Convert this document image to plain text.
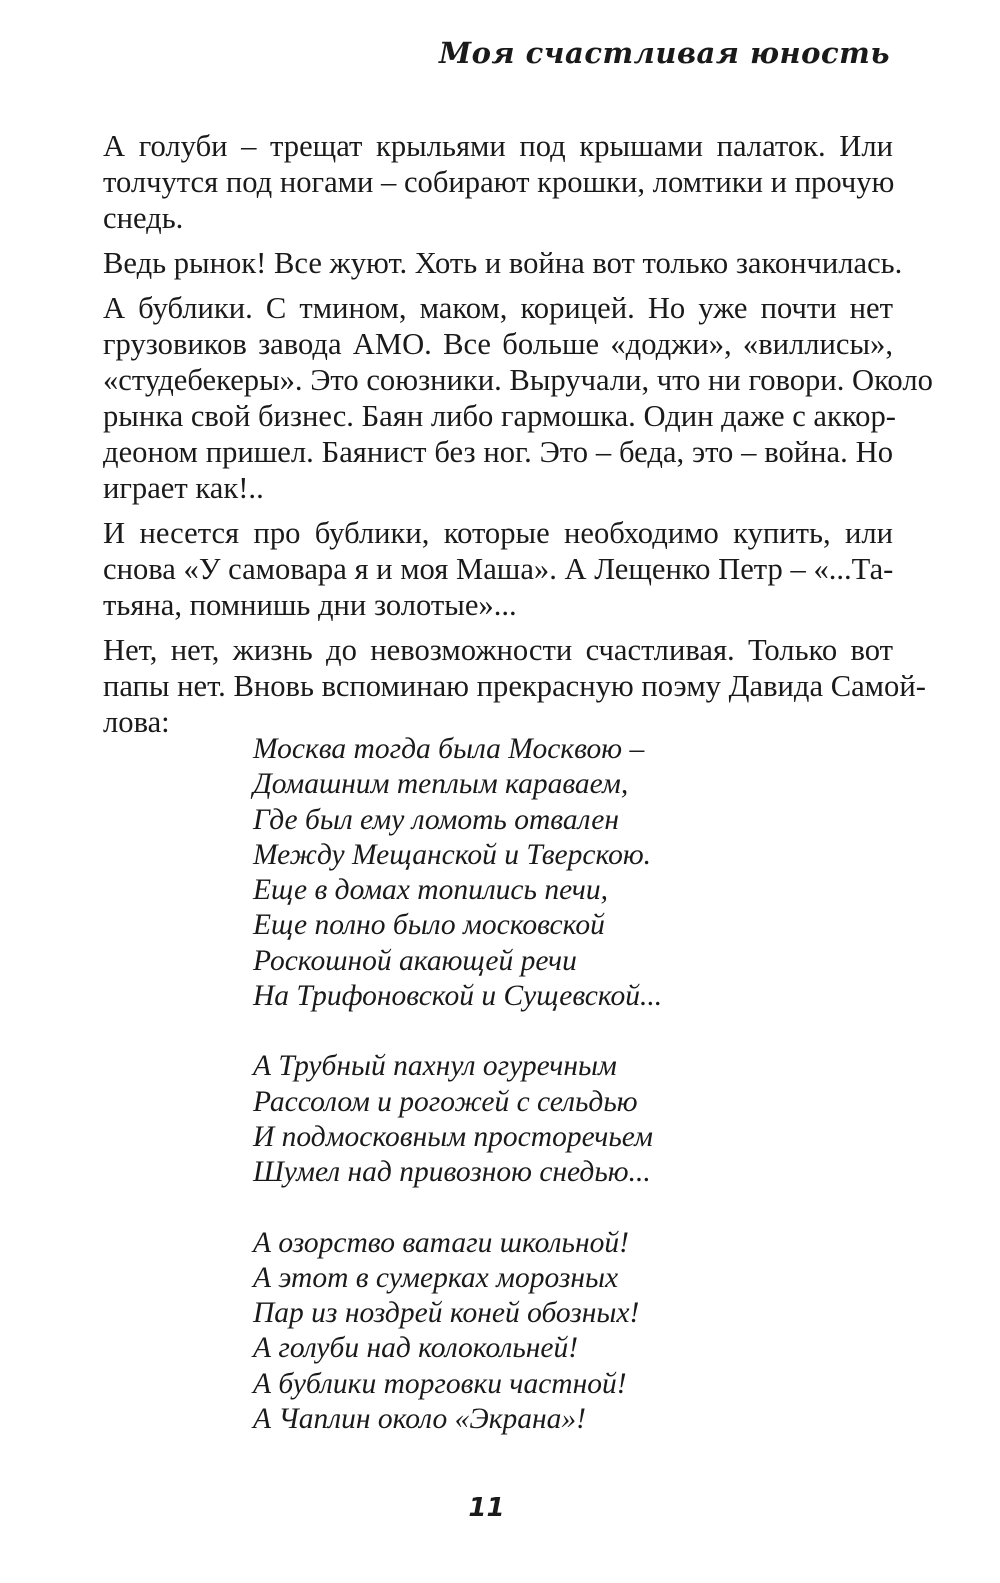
Моя счастливая юность

А голуби – трещат крыльями под крышами палаток. Или
толчутся под ногами – собирают крошки, ломтики и прочую
снедь.

Ведь рынок! Все жуют. Хоть и война вот только закончилась.

А бублики. С тмином, маком, корицей. Но уже почти нет
грузовиков завода АМО. Все больше «доджи», «виллисы»,
«студебекеры». Это союзники. Выручали, что ни говори. Около
рынка свой бизнес. Баян либо гармошка. Один даже с аккор-
деоном пришел. Баянист без ног. Это – беда, это – война. Но
играет как!..

И несется про бублики, которые необходимо купить, или
снова «У самовара я и моя Маша». А Лещенко Петр – «...Та-
тьяна, помнишь дни золотые»...

Нет, нет, жизнь до невозможности счастливая. Только вот
папы нет. Вновь вспоминаю прекрасную поэму Давида Самой-
лова:

Москва тогда была Москвою –
Домашним теплым караваем,
Где был ему ломоть отвален
Между Мещанской и Тверскою.
Еще в домах топились печи,
Еще полно было московской
Роскошной акающей речи
На Трифоновской и Сущевской...
А Трубный пахнул огуречным
Рассолом и рогожей с сельдью
И подмосковным просторечьем
Шумел над привозною снедью...
А озорство ватаги школьной!
А этот в сумерках морозных
Пар из ноздрей коней обозных!
А голуби над колокольней!
А бублики торговки частной!
А Чаплин около «Экрана»!
11
